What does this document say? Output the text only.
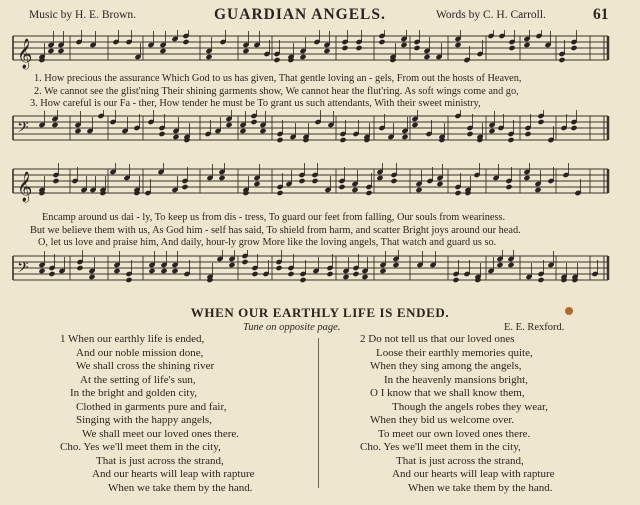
Music by H. E. Brown.	GUARDIAN ANGELS.	Words by C. H. Carroll.	61
𝄞
1. How precious the assurance Which God to us has given, That gentle loving an - gels, From out the hosts of Heaven,
2. We cannot see the glist'ning Their shining garments show, We cannot hear the flut'ring. As soft wings come and go,
3. How careful is our Fa - ther, How tender he must be To grant us such attendants, With their sweet ministry,
𝄢
𝄞
Encamp around us dai - ly, To keep us from dis - tress, To guard our feet from falling, Our souls from weariness.
But we believe them with us, As God him - self has said, To shield from harm, and scatter Bright joys around our head.
O, let us love and praise him, And daily, hour-ly grow More like the loving angels, That watch and guard us so.
𝄢
WHEN OUR EARTHLY LIFE IS ENDED.
Tune on opposite page.	E. E. Rexford.
1 When our earthly life is ended,
And our noble mission done,
We shall cross the shining river
At the setting of life's sun,
In the bright and golden city,
Clothed in garments pure and fair,
Singing with the happy angels,
We shall meet our loved ones there.
Cho. Yes we'll meet them in the city,
That is just across the strand,
And our hearts will leap with rapture
When we take them by the hand.
2 Do not tell us that our loved ones
Loose their earthly memories quite,
When they sing among the angels,
In the heavenly mansions bright,
O I know that we shall know them,
Though the angels robes they wear,
When they bid us welcome over.
To meet our own loved ones there.
Cho. Yes we'll meet them in the city,
That is just across the strand,
And our hearts will leap with rapture
When we take them by the hand.
